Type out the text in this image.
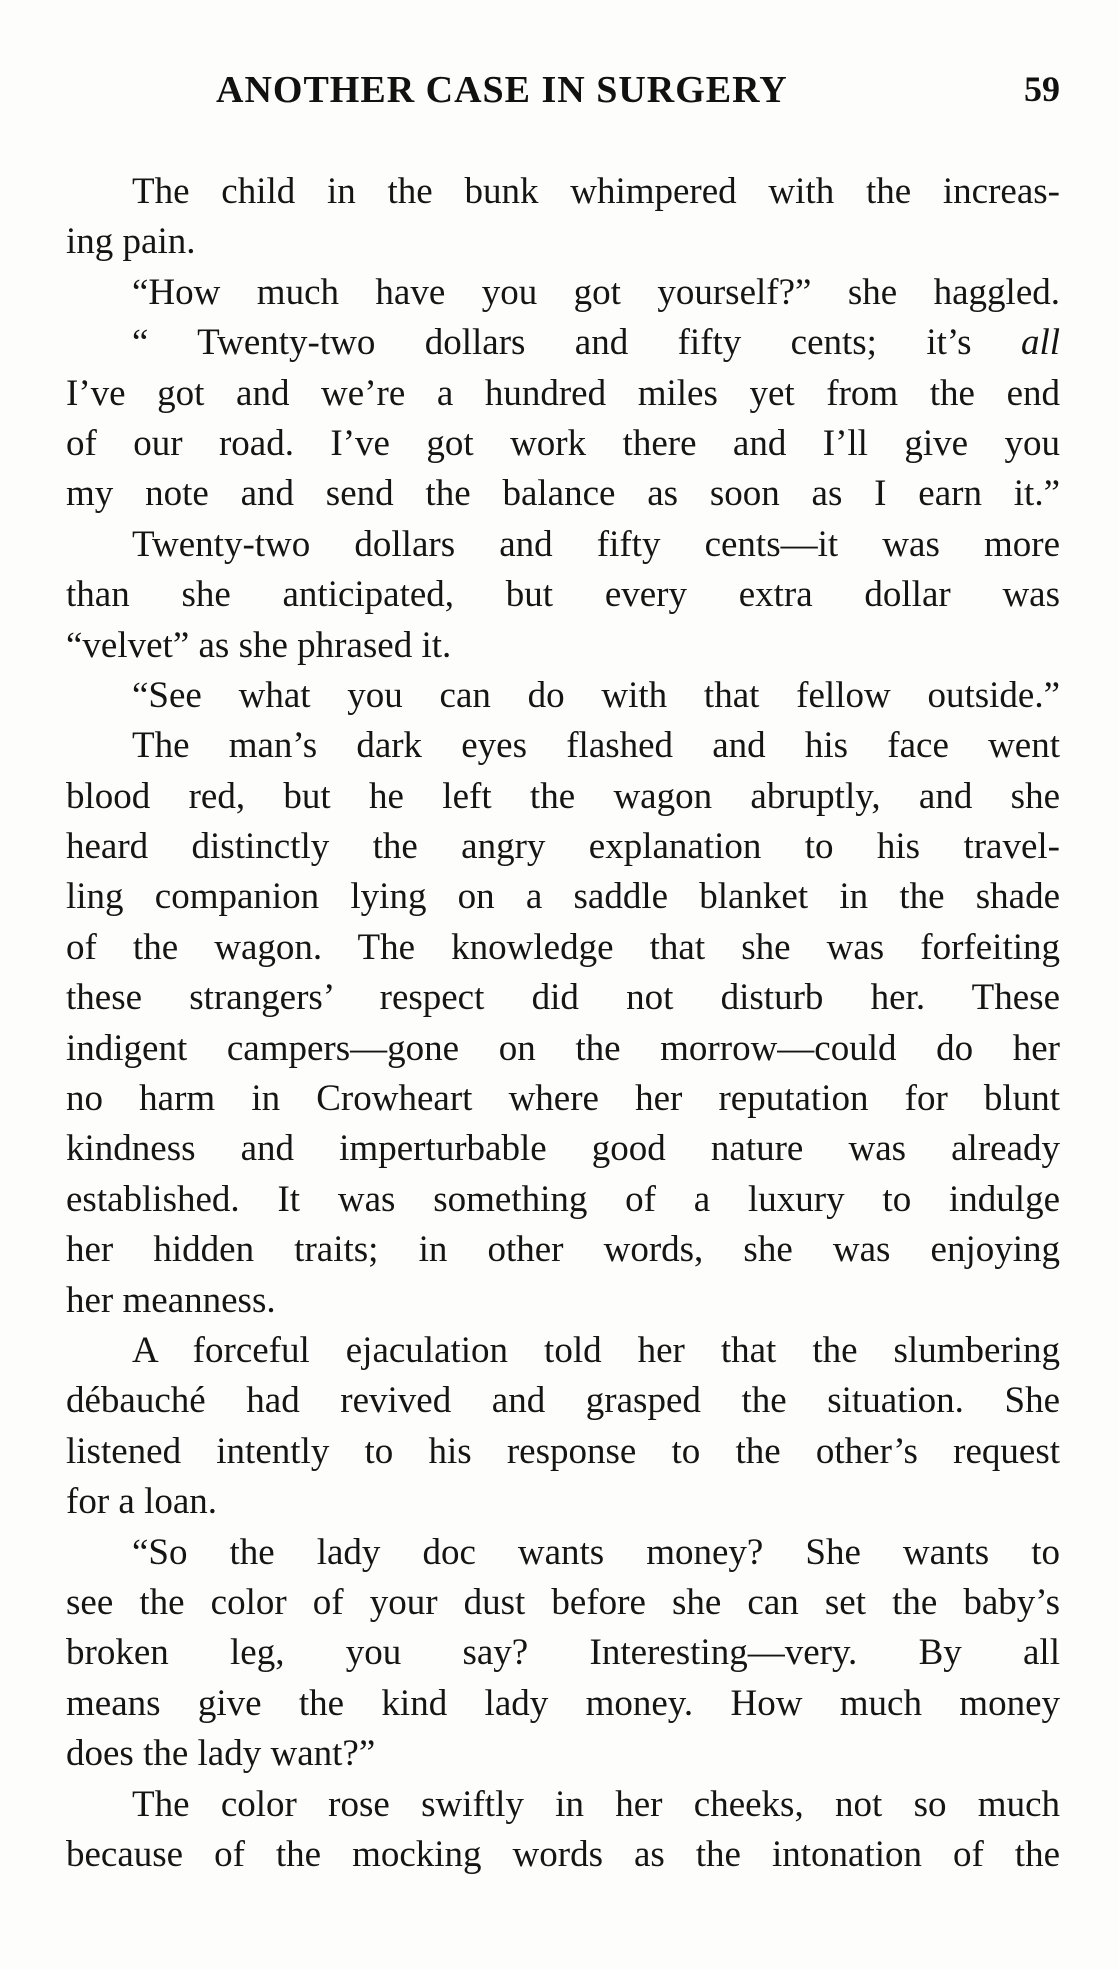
ANOTHER CASE IN SURGERY	59
The child in the bunk whimpered with the increas-
ing pain.
“How much have you got yourself?” she haggled.
“ Twenty-two dollars and fifty cents; it’s all
I’ve got and we’re a hundred miles yet from the end
of our road. I’ve got work there and I’ll give you
my note and send the balance as soon as I earn it.”
Twenty-two dollars and fifty cents—it was more
than she anticipated, but every extra dollar was
“velvet” as she phrased it.
“See what you can do with that fellow outside.”
The man’s dark eyes flashed and his face went
blood red, but he left the wagon abruptly, and she
heard distinctly the angry explanation to his travel-
ling companion lying on a saddle blanket in the shade
of the wagon. The knowledge that she was forfeiting
these strangers’ respect did not disturb her. These
indigent campers—gone on the morrow—could do her
no harm in Crowheart where her reputation for blunt
kindness and imperturbable good nature was already
established. It was something of a luxury to indulge
her hidden traits; in other words, she was enjoying
her meanness.
A forceful ejaculation told her that the slumbering
débauché had revived and grasped the situation. She
listened intently to his response to the other’s request
for a loan.
“So the lady doc wants money? She wants to
see the color of your dust before she can set the baby’s
broken leg, you say? Interesting—very. By all
means give the kind lady money. How much money
does the lady want?”
The color rose swiftly in her cheeks, not so much
because of the mocking words as the intonation of the
